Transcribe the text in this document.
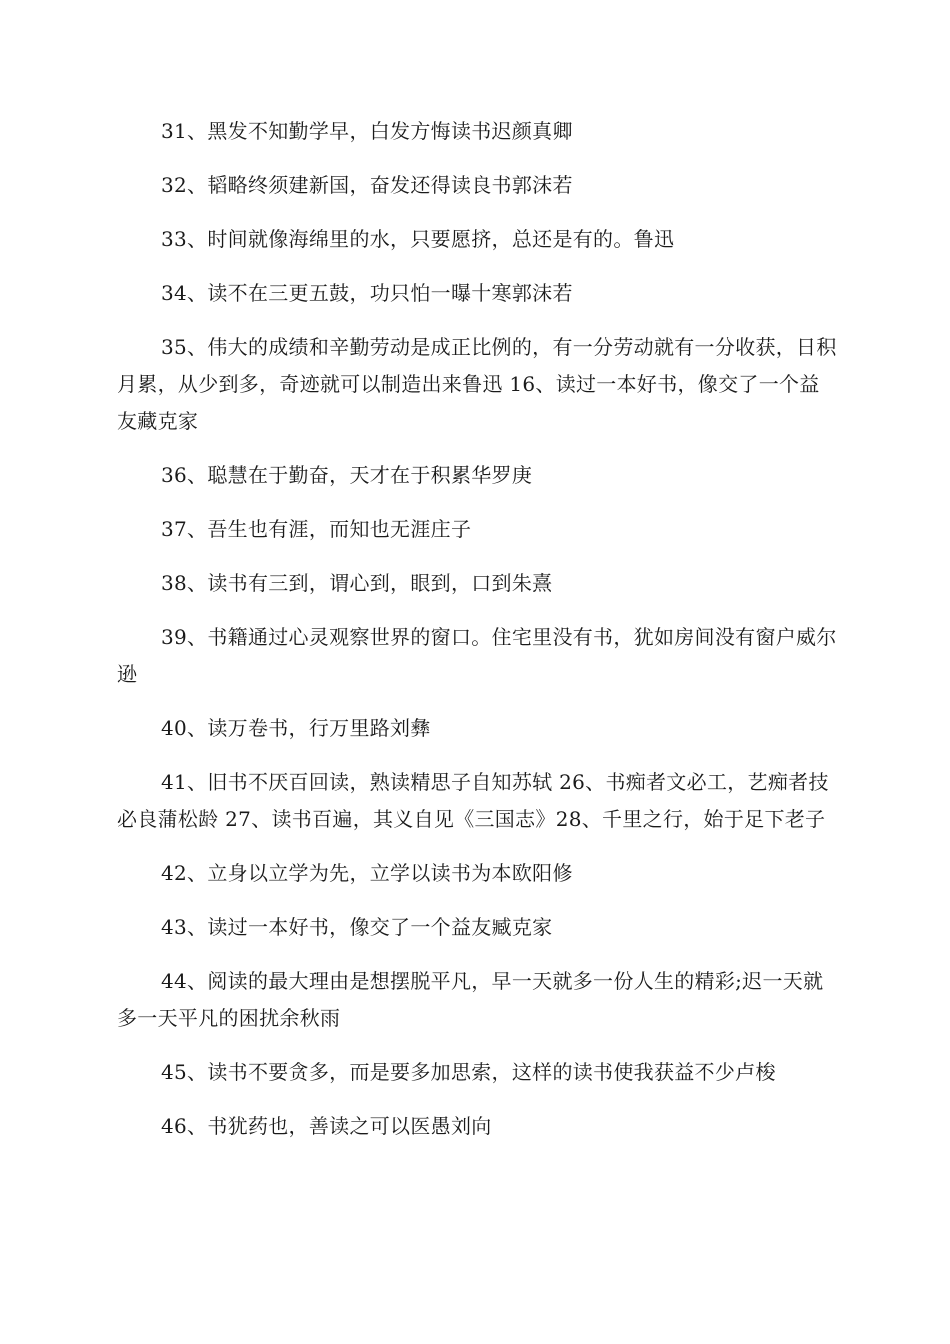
31、黑发不知勤学早，白发方悔读书迟颜真卿

32、韬略终须建新国，奋发还得读良书郭沫若

33、时间就像海绵里的水，只要愿挤，总还是有的。鲁迅

34、读不在三更五鼓，功只怕一曝十寒郭沫若

35、伟大的成绩和辛勤劳动是成正比例的，有一分劳动就有一分收获，日积月累，从少到多，奇迹就可以制造出来鲁迅 16、读过一本好书，像交了一个益友藏克家

36、聪慧在于勤奋，天才在于积累华罗庚

37、吾生也有涯，而知也无涯庄子

38、读书有三到，谓心到，眼到，口到朱熹

39、书籍通过心灵观察世界的窗口。住宅里没有书，犹如房间没有窗户威尔逊

40、读万卷书，行万里路刘彝

41、旧书不厌百回读，熟读精思子自知苏轼 26、书痴者文必工，艺痴者技必良蒲松龄 27、读书百遍，其义自见《三国志》28、千里之行，始于足下老子

42、立身以立学为先，立学以读书为本欧阳修

43、读过一本好书，像交了一个益友臧克家

44、阅读的最大理由是想摆脱平凡，早一天就多一份人生的精彩;迟一天就多一天平凡的困扰余秋雨

45、读书不要贪多，而是要多加思索，这样的读书使我获益不少卢梭

46、书犹药也，善读之可以医愚刘向
